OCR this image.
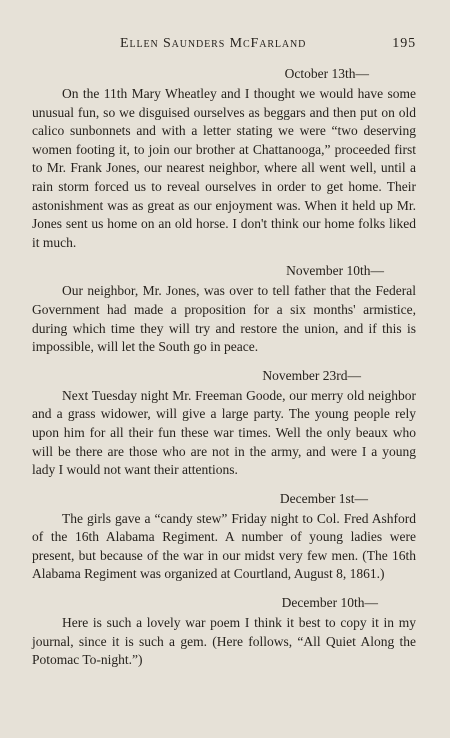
Ellen Saunders McFarland	195

October 13th—

On the 11th Mary Wheatley and I thought we would have some unusual fun, so we disguised ourselves as beggars and then put on old calico sunbonnets and with a letter stating we were “two deserving women footing it, to join our brother at Chattanooga,” proceeded first to Mr. Frank Jones, our nearest neighbor, where all went well, until a rain storm forced us to reveal ourselves in order to get home. Their astonishment was as great as our enjoyment was. When it held up Mr. Jones sent us home on an old horse. I don't think our home folks liked it much.

November 10th—

Our neighbor, Mr. Jones, was over to tell father that the Federal Government had made a proposition for a six months' armistice, during which time they will try and restore the union, and if this is impossible, will let the South go in peace.

November 23rd—

Next Tuesday night Mr. Freeman Goode, our merry old neighbor and a grass widower, will give a large party. The young people rely upon him for all their fun these war times. Well the only beaux who will be there are those who are not in the army, and were I a young lady I would not want their attentions.

December 1st—

The girls gave a “candy stew” Friday night to Col. Fred Ashford of the 16th Alabama Regiment. A number of young ladies were present, but because of the war in our midst very few men. (The 16th Alabama Regiment was organized at Courtland, August 8, 1861.)

December 10th—

Here is such a lovely war poem I think it best to copy it in my journal, since it is such a gem. (Here follows, “All Quiet Along the Potomac To-night.”)
